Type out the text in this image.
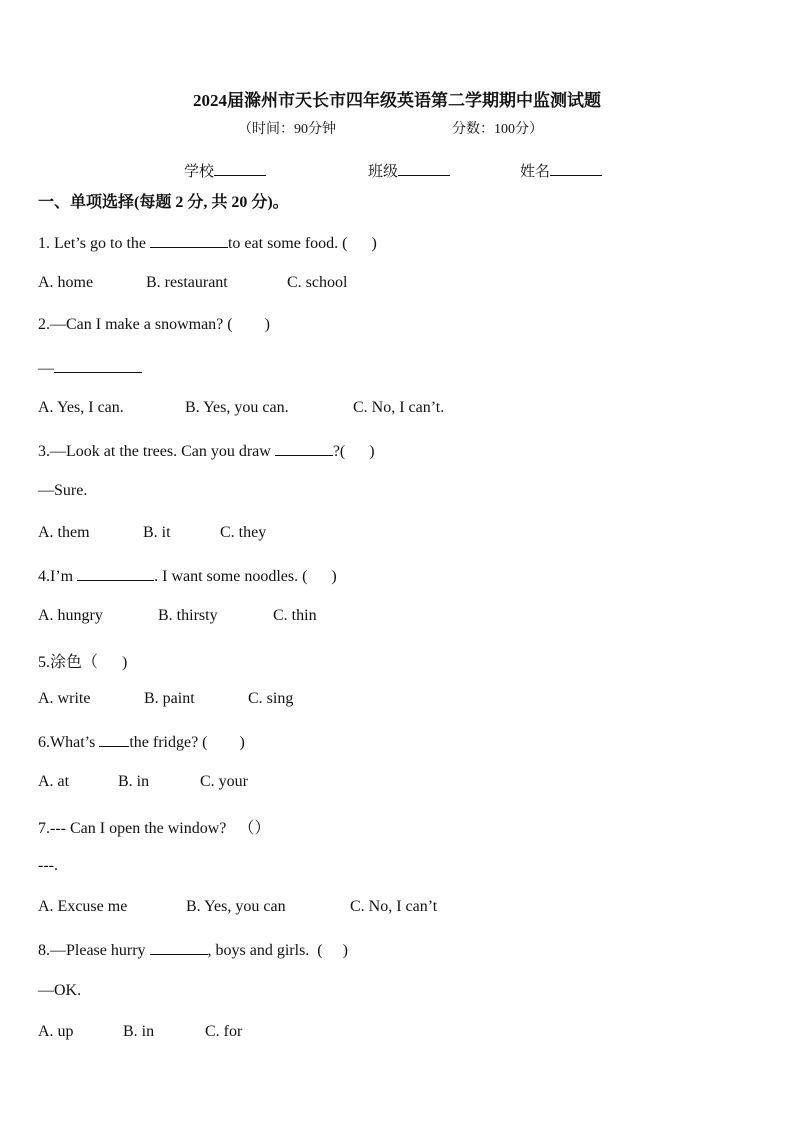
2024届滁州市天长市四年级英语第二学期期中监测试题
（时间：90分钟	分数：100分）
学校	班级	姓名
一、单项选择(每题 2 分, 共 20 分)。
1. Let’s go to the	to eat some food. (      )
A. home	B. restaurant	C. school
2.—Can I make a snowman? (        )
—
A. Yes, I can.	B. Yes, you can.	C. No, I can’t.
3.—Look at the trees. Can you draw	?(      )
—Sure.
A. them	B. it	C. they
4.I’m	. I want some noodles. (      )
A. hungry	B. thirsty	C. thin
5.涂色（      )
A. write	B. paint	C. sing
6.What’s the fridge? (        )
A. at	B. in	C. your
7.--- Can I open the window?   （）
---.
A. Excuse me	B. Yes, you can	C. No, I can’t
8.—Please hurry	, boys and girls.  (     )
—OK.
A. up	B. in	C. for
